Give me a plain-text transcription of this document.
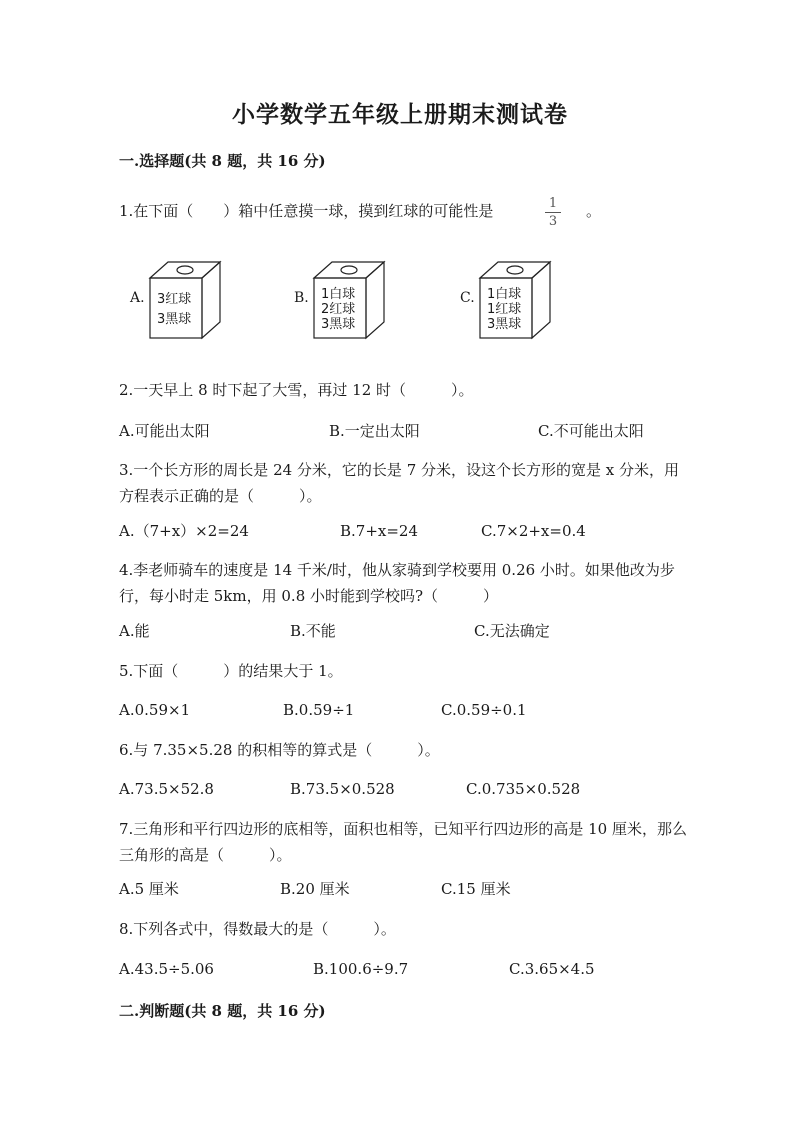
小学数学五年级上册期末测试卷
一.选择题(共 8 题，共 16 分)
1.在下面（　　）箱中任意摸一球，摸到红球的可能性是	1
3
。
A. 3红球
3黑球
B. 1白球
2红球
3黑球
C. 1白球
1红球
3黑球
2.一天早上 8 时下起了大雪，再过 12 时（　　　）。
A.可能出太阳	B.一定出太阳	C.不可能出太阳
3.一个长方形的周长是 24 分米，它的长是 7 分米，设这个长方形的宽是 x 分米，用方程表示正确的是（　　　）。
A.（7+x）×2=24	B.7+x=24	C.7×2+x=0.4
4.李老师骑车的速度是 14 千米/时，他从家骑到学校要用 0.26 小时。如果他改为步行，每小时走 5km，用 0.8 小时能到学校吗?（　　　）
A.能	B.不能	C.无法确定
5.下面（　　　）的结果大于 1。
A.0.59×1	B.0.59÷1	C.0.59÷0.1
6.与 7.35×5.28 的积相等的算式是（　　　）。
A.73.5×52.8	B.73.5×0.528	C.0.735×0.528
7.三角形和平行四边形的底相等，面积也相等，已知平行四边形的高是 10 厘米，那么三角形的高是（　　　）。
A.5 厘米	B.20 厘米	C.15 厘米
8.下列各式中，得数最大的是（　　　）。
A.43.5÷5.06	B.100.6÷9.7	C.3.65×4.5
二.判断题(共 8 题，共 16 分)
